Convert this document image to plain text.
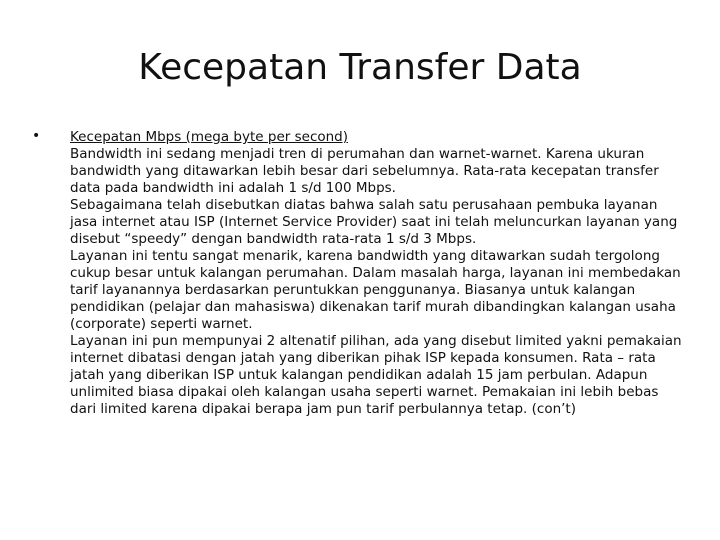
Kecepatan Transfer Data
• Kecepatan Mbps (mega byte per second)

Bandwidth ini sedang menjadi tren di perumahan dan warnet-warnet. Karena ukuran bandwidth yang ditawarkan lebih besar dari sebelumnya. Rata-rata kecepatan transfer data pada bandwidth ini adalah 1 s/d 100 Mbps.

Sebagaimana telah disebutkan diatas bahwa salah satu perusahaan pembuka layanan jasa internet atau ISP (Internet Service Provider) saat ini telah meluncurkan layanan yang disebut “speedy” dengan bandwidth rata-rata 1 s/d 3 Mbps.

Layanan ini tentu sangat menarik, karena bandwidth yang ditawarkan sudah tergolong cukup besar untuk kalangan perumahan. Dalam masalah harga, layanan ini membedakan tarif layanannya berdasarkan peruntukkan penggunanya. Biasanya untuk kalangan pendidikan (pelajar dan mahasiswa) dikenakan tarif murah dibandingkan kalangan usaha (corporate) seperti warnet.

Layanan ini pun mempunyai 2 altenatif pilihan, ada yang disebut limited yakni pemakaian internet dibatasi dengan jatah yang diberikan pihak ISP kepada konsumen. Rata – rata jatah yang diberikan ISP untuk kalangan pendidikan adalah 15 jam perbulan. Adapun unlimited biasa dipakai oleh kalangan usaha seperti warnet. Pemakaian ini lebih bebas dari limited karena dipakai berapa jam pun tarif perbulannya tetap. (con’t)
